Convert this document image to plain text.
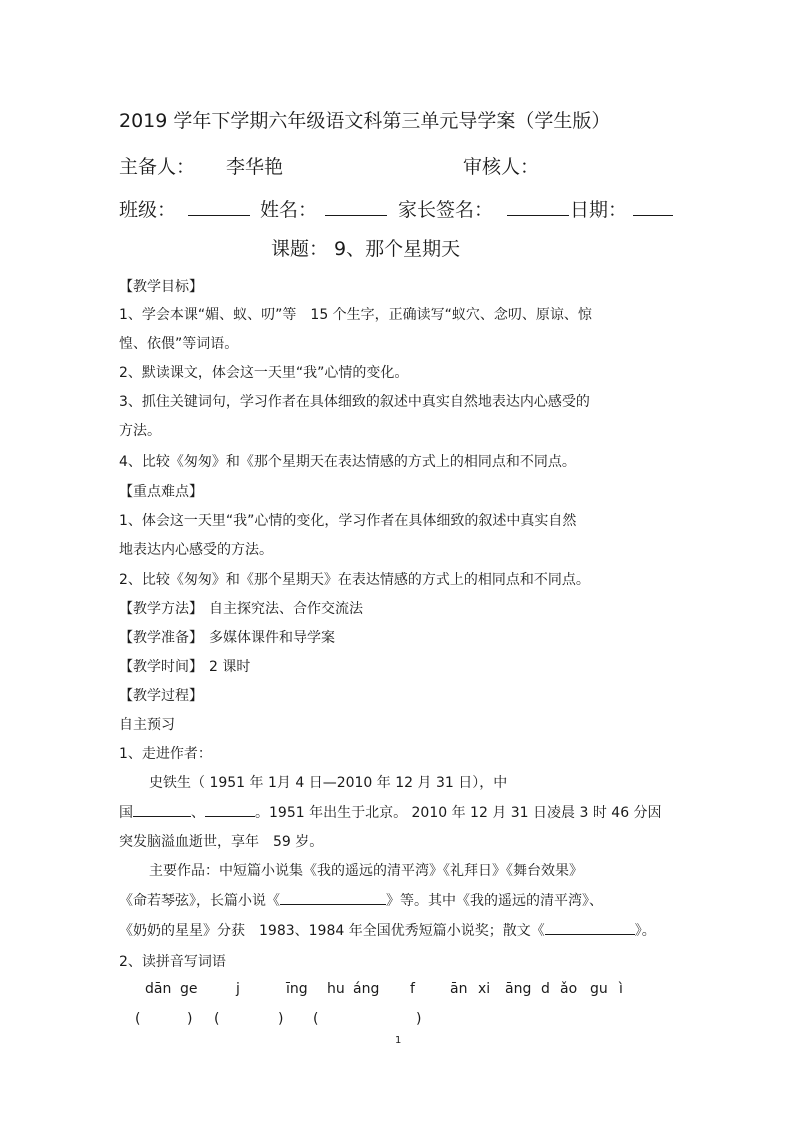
2019 学年下学期六年级语文科第三单元导学案（学生版）
主备人： 李华艳	审核人：
班级：	姓名：	家长签名：	日期：
课题： 9、那个星期天
【教学目标】
1、学会本课“媚、蚁、叨”等　15 个生字，正确读写“蚁穴、念叨、原谅、惊
惶、依偎”等词语。
2、默读课文，体会这一天里“我”心情的变化。
3、抓住关键词句，学习作者在具体细致的叙述中真实自然地表达内心感受的
方法。
4、比较《匆匆》和《那个星期天在表达情感的方式上的相同点和不同点。
【重点难点】
1、体会这一天里“我”心情的变化，学习作者在具体细致的叙述中真实自然
地表达内心感受的方法。
2、比较《匆匆》和《那个星期天》在表达情感的方式上的相同点和不同点。
【教学方法】 自主探究法、合作交流法
【教学准备】 多媒体课件和导学案
【教学时间】 2 课时
【教学过程】
自主预习
1、走进作者：
史铁生（ 1951 年 1月 4 日—2010 年 12 月 31 日），中
国	、	。1951 年出生于北京。 2010 年 12 月 31 日凌晨 3 时 46 分因
突发脑溢血逝世，享年　59 岁。
主要作品：中短篇小说集《我的遥远的清平湾》《礼拜日》《舞台效果》
《命若琴弦》，长篇小说《	》等。其中《我的遥远的清平湾》、
《奶奶的星星》分获　1983、1984 年全国优秀短篇小说奖；散文《	》。
2、读拼音写词语
dān ge	j	īng hu áng f	ān xi āng d ǎo gu ì
(	) (	) (	)
1
